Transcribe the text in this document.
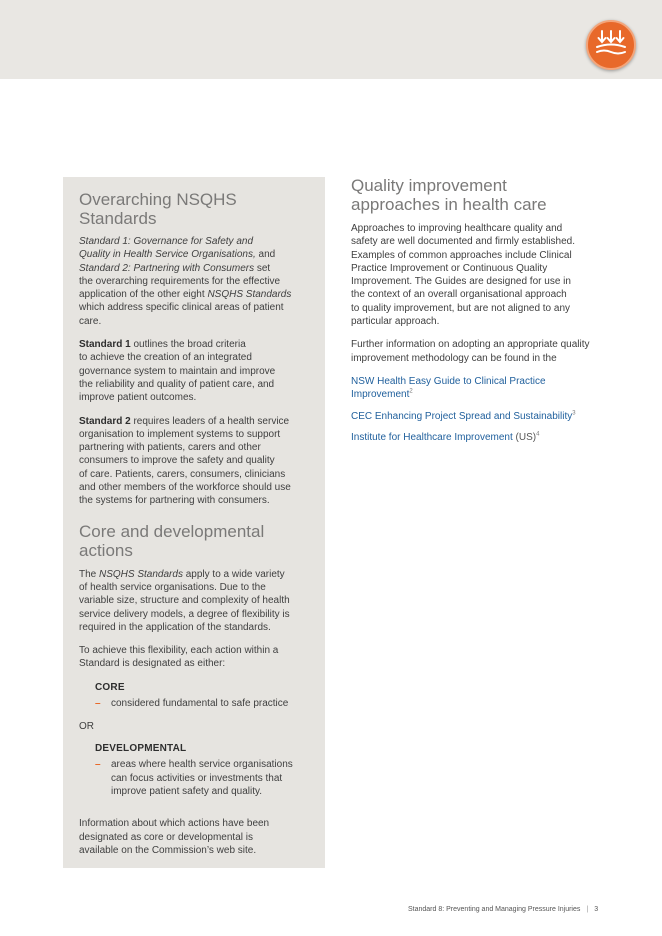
Overarching NSQHS
Standards

Standard 1: Governance for Safety and
Quality in Health Service Organisations, and
Standard 2: Partnering with Consumers set
the overarching requirements for the effective
application of the other eight NSQHS Standards
which address specific clinical areas of patient
care.

Standard 1 outlines the broad criteria
to achieve the creation of an integrated
governance system to maintain and improve
the reliability and quality of patient care, and
improve patient outcomes.

Standard 2 requires leaders of a health service
organisation to implement systems to support
partnering with patients, carers and other
consumers to improve the safety and quality
of care. Patients, carers, consumers, clinicians
and other members of the workforce should use
the systems for partnering with consumers.

Core and developmental
actions

The NSQHS Standards apply to a wide variety
of health service organisations. Due to the
variable size, structure and complexity of health
service delivery models, a degree of flexibility is
required in the application of the standards.

To achieve this flexibility, each action within a
Standard is designated as either:

CORE

– considered fundamental to safe practice

OR

DEVELOPMENTAL

– areas where health service organisations
can focus activities or investments that
improve patient safety and quality.

Information about which actions have been
designated as core or developmental is
available on the Commission’s web site.

Quality improvement
approaches in health care

Approaches to improving healthcare quality and
safety are well documented and firmly established.
Examples of common approaches include Clinical
Practice Improvement or Continuous Quality
Improvement. The Guides are designed for use in
the context of an overall organisational approach
to quality improvement, but are not aligned to any
particular approach.

Further information on adopting an appropriate quality
improvement methodology can be found in the

NSW Health Easy Guide to Clinical Practice
Improvement$^2$

CEC Enhancing Project Spread and Sustainability$^3$

Institute for Healthcare Improvement (US)$^4$

Standard 8: Preventing and Managing Pressure Injuries | 3
